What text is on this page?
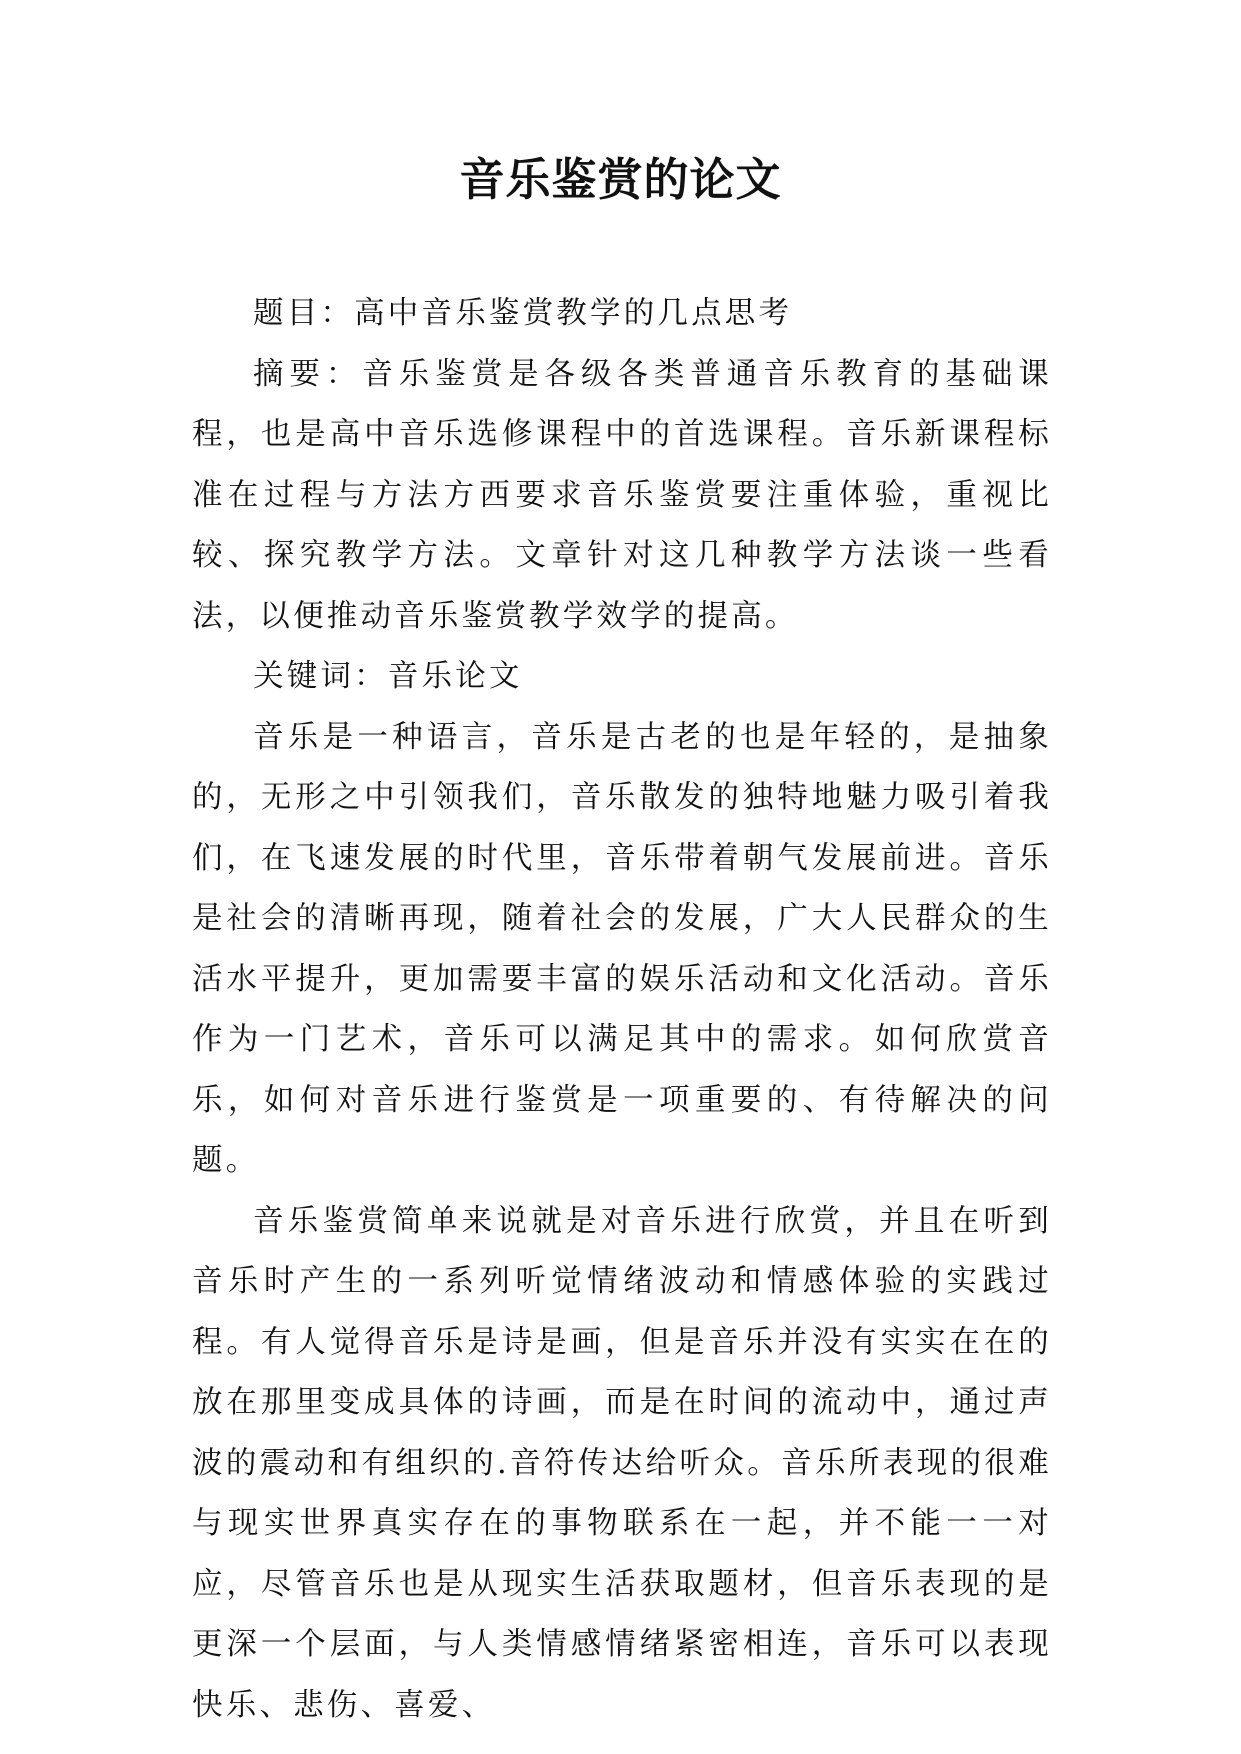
音乐鉴赏的论文

题目：高中音乐鉴赏教学的几点思考

摘要：音乐鉴赏是各级各类普通音乐教育的基础课程，也是高中音乐选修课程中的首选课程。音乐新课程标准在过程与方法方西要求音乐鉴赏要注重体验，重视比较、探究教学方法。文章针对这几种教学方法谈一些看法，以便推动音乐鉴赏教学效学的提高。

关键词：音乐论文

音乐是一种语言，音乐是古老的也是年轻的，是抽象的，无形之中引领我们，音乐散发的独特地魅力吸引着我们，在飞速发展的时代里，音乐带着朝气发展前进。音乐是社会的清晰再现，随着社会的发展，广大人民群众的生活水平提升，更加需要丰富的娱乐活动和文化活动。音乐作为一门艺术，音乐可以满足其中的需求。如何欣赏音乐，如何对音乐进行鉴赏是一项重要的、有待解决的问题。

音乐鉴赏简单来说就是对音乐进行欣赏，并且在听到音乐时产生的一系列听觉情绪波动和情感体验的实践过程。有人觉得音乐是诗是画，但是音乐并没有实实在在的放在那里变成具体的诗画，而是在时间的流动中，通过声波的震动和有组织的.音符传达给听众。音乐所表现的很难与现实世界真实存在的事物联系在一起，并不能一一对应，尽管音乐也是从现实生活获取题材，但音乐表现的是更深一个层面，与人类情感情绪紧密相连，音乐可以表现快乐、悲伤、喜爱、
